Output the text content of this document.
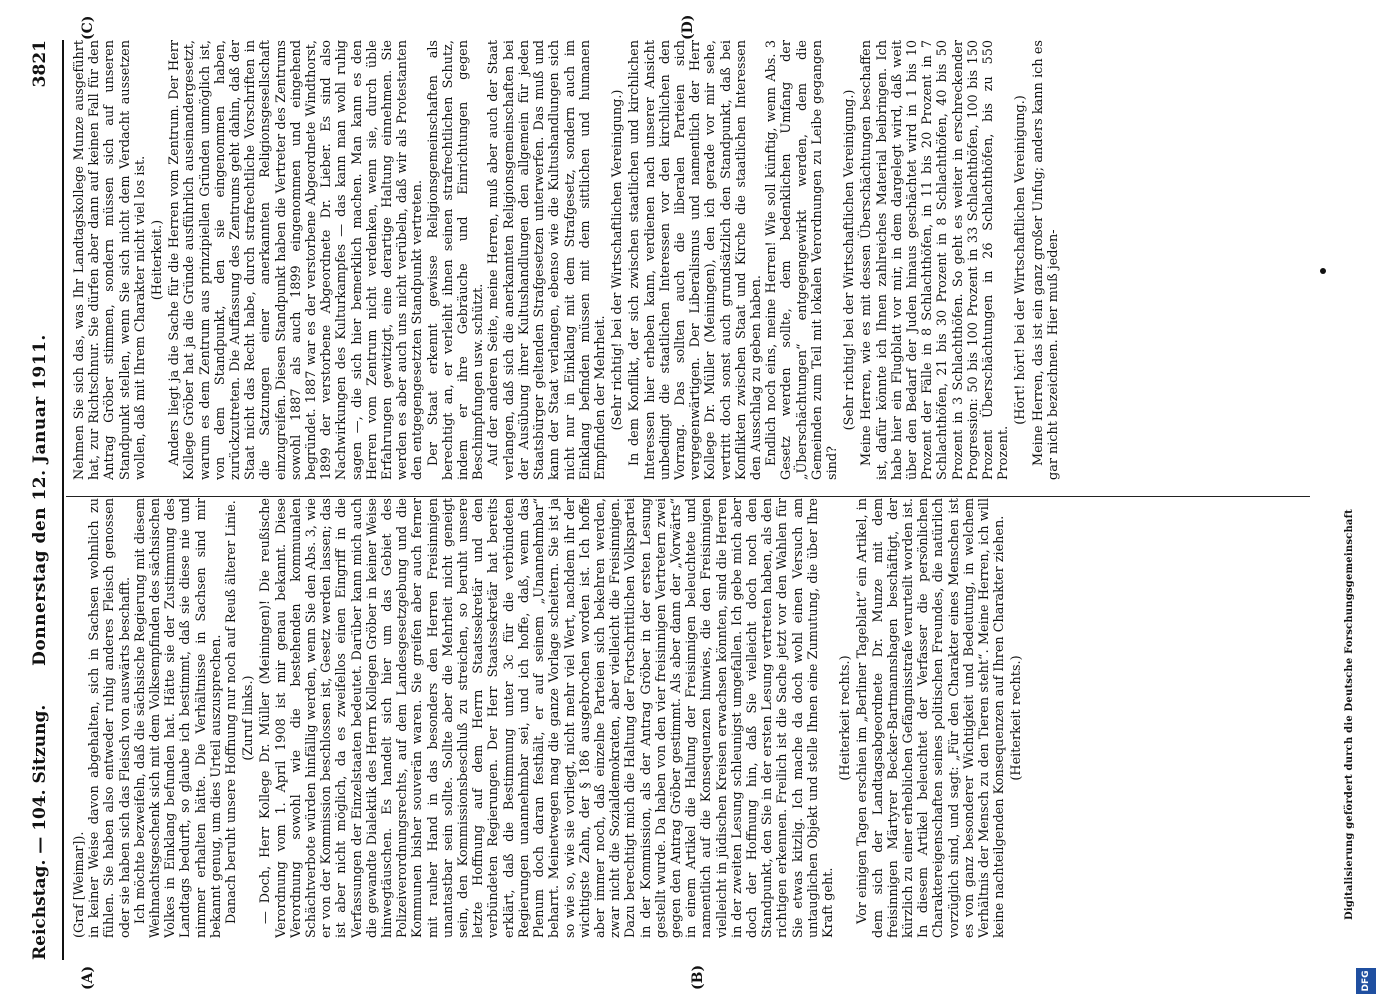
Reichstag. — 104. Sitzung.
Donnerstag den 12. Januar 1911.
3821
(A)	(B)
(C)	(D)

(Graf [Weimar]). in keiner Weise davon abgehalten, sich in Sachsen wohnlich zu fühlen. Sie haben also entweder ruhig anderes Fleisch genossen oder sie haben sich das Fleisch von auswärts beschafft. Ich möchte bezweifeln, daß die sächsische Regierung mit diesem Weihnachtsgeschenk sich mit dem Volksempfinden des sächsischen Volkes in Einklang befunden hat. Hätte sie der Zustimmung des Landtags bedurft, so glaube ich bestimmt, daß sie diese nie und nimmer erhalten hätte. Die Verhältnisse in Sachsen sind mir bekannt genug, um dies Urteil auszusprechen. Danach beruht unsere Hoffnung nur noch auf Reuß älterer Linie. (Zuruf links.) — Doch, Herr Kollege Dr. Müller (Meiningen)! Die reußische Verordnung vom 1. April 1908 ist mir genau bekannt. Diese Verordnung sowohl wie die bestehenden kommunalen Schächtverbote würden hinfällig werden, wenn Sie den Abs. 3, wie er von der Kommission beschlossen ist, Gesetz werden lassen; das ist aber nicht möglich, da es zweifellos einen Eingriff in die Verfassungen der Einzelstaaten bedeutet. Darüber kann mich auch die gewandte Dialektik des Herrn Kollegen Gröber in keiner Weise hinwegtäuschen. Es handelt sich hier um das Gebiet des Polizeiverordnungsrechts, auf dem Landesgesetzgebung und die Kommunen bisher souverän waren. Sie greifen aber auch ferner mit rauher Hand in das besonders den Herren Freisinnigen unantastbar sein sollte. Sollte aber die Mehrheit nicht geneigt sein, den Kommissionsbeschluß zu streichen, so beruht unsere letzte Hoffnung auf dem Herrn Staatssekretär und den verbündeten Regierungen. Der Herr Staatssekretär hat bereits erklärt, daß die Bestimmung unter 3c für die verbündeten Regierungen unannehmbar sei, und ich hoffe, daß, wenn das Plenum doch daran festhält, er auf seinem „Unannehmbar“ beharrt. Meinetwegen mag die ganze Vorlage scheitern. Sie ist ja so wie so, wie sie vorliegt, nicht mehr viel Wert, nachdem ihr der wichtigste Zahn, der § 186 ausgebrochen worden ist. Ich hoffe aber immer noch, daß einzelne Parteien sich bekehren werden, zwar nicht die Sozialdemokraten, aber vielleicht die Freisinnigen. Dazu berechtigt mich die Haltung der Fortschrittlichen Volkspartei in der Kommission, als der Antrag Gröber in der ersten Lesung gestellt wurde. Da haben von den vier freisinnigen Vertretern zwei gegen den Antrag Gröber gestimmt. Als aber dann der „Vorwärts“ in einem Artikel die Haltung der Freisinnigen beleuchtete und namentlich auf die Konsequenzen hinwies, die den Freisinnigen vielleicht in jüdischen Kreisen erwachsen könnten, sind die Herren in der zweiten Lesung schleunigst umgefallen. Ich gebe mich aber doch der Hoffnung hin, daß Sie vielleicht doch noch den Standpunkt, den Sie in der ersten Lesung vertreten haben, als den richtigen erkennen. Freilich ist die Sache jetzt vor den Wahlen für Sie etwas kitzlig. Ich mache da doch wohl einen Versuch am untauglichen Objekt und stelle Ihnen eine Zumutung, die über Ihre Kraft geht.

(Heiterkeit rechts.) Vor einigen Tagen erschien im „Berliner Tageblatt“ ein Artikel, in dem sich der Landtagsabgeordnete Dr. Munze mit dem freisinnigen Märtyrer Becker-Bartmannshagen beschäftigt, der kürzlich zu einer erheblichen Gefängnisstrafe verurteilt worden ist. In diesem Artikel beleuchtet der Verfasser die persönlichen Charaktereigenschaften seines politischen Freundes, die natürlich vorzüglich sind, und sagt: „Für den Charakter eines Menschen ist es von ganz besonderer Wichtigkeit und Bedeutung, in welchem Verhältnis der Mensch zu den Tieren steht“. Meine Herren, ich will keine nachteilgenden Konsequenzen auf Ihren Charakter ziehen. (Heiterkeit rechts.)

Nehmen Sie sich das, was Ihr Landtagskollege Munze ausgeführt hat, zur Richtschnur. Sie dürfen aber dann auf keinen Fall für den Antrag Gröber stimmen, sondern müssen sich auf unseren Standpunkt stellen, wenn Sie sich nicht dem Verdacht aussetzen wollen, daß mit Ihrem Charakter nicht viel los ist. (Heiterkeit.) Anders liegt ja die Sache für die Herren vom Zentrum. Der Herr Kollege Gröber hat ja die Gründe ausführlich auseinandergesetzt, warum es dem Zentrum aus prinzipiellen Gründen unmöglich ist, von dem Standpunkt, den sie eingenommen haben, zurückzutreten. Die Auffassung des Zentrums geht dahin, daß der Staat nicht das Recht habe, durch strafrechtliche Vorschriften in die Satzungen einer anerkannten Religionsgesellschaft einzugreifen. Diesen Standpunkt haben die Vertreter des Zentrums sowohl 1887 als auch 1899 eingenommen und eingehend begründet. 1887 war es der verstorbene Abgeordnete Windthorst, 1899 der verstorbene Abgeordnete Dr. Lieber. Es sind also Nachwirkungen des Kulturkampfes — das kann man wohl ruhig sagen —, die sich hier bemerklich machen. Man kann es den Herren vom Zentrum nicht verdenken, wenn sie, durch üble Erfahrungen gewitzigt, eine derartige Haltung einnehmen. Sie werden es aber auch uns nicht verübeln, daß wir als Protestanten den entgegengesetzten Standpunkt vertreten. Der Staat erkennt gewisse Religionsgemeinschaften als berechtigt an, er verleiht ihnen seinen strafrechtlichen Schutz, indem er ihre Gebräuche und Einrichtungen gegen Beschimpfungen usw. schützt. Auf der anderen Seite, meine Herren, muß aber auch der Staat verlangen, daß sich die anerkannten Religionsgemeinschaften bei der Ausübung ihrer Kultushandlungen den allgemein für jeden Staatsbürger geltenden Strafgesetzen unterwerfen. Das muß und kann der Staat verlangen, ebenso wie die Kultushandlungen sich nicht nur in Einklang mit dem Strafgesetz, sondern auch im Einklang befinden müssen mit dem sittlichen und humanen Empfinden der Mehrheit. (Sehr richtig! bei der Wirtschaftlichen Vereinigung.) In dem Konflikt, der sich zwischen staatlichen und kirchlichen Interessen hier erheben kann, verdienen nach unserer Ansicht unbedingt die staatlichen Interessen vor den kirchlichen den Vorrang. Das sollten auch die liberalen Parteien sich vergegenwärtigen. Der Liberalismus und namentlich der Herr Kollege Dr. Müller (Meiningen), den ich gerade vor mir sehe, vertritt doch sonst auch grundsätzlich den Standpunkt, daß bei Konflikten zwischen Staat und Kirche die staatlichen Interessen den Ausschlag zu geben haben. Endlich noch eins, meine Herren! Wie soll künftig, wenn Abs. 3 Gesetz werden sollte, dem bedenklichen Umfang der „Überschächtungen“ entgegengewirkt werden, dem die Gemeinden zum Teil mit lokalen Verordnungen zu Leibe gegangen sind?

(Sehr richtig! bei der Wirtschaftlichen Vereinigung.) Meine Herren, wie es mit dessen Überschächtungen beschaffen ist, dafür könnte ich Ihnen zahlreiches Material beibringen. Ich habe hier ein Flugblatt vor mir, in dem dargelegt wird, daß weit über den Bedarf der Juden hinaus geschächtet wird in 1 bis 10 Prozent der Fälle in 8 Schlachthöfen, in 11 bis 20 Prozent in 7 Schlachthöfen, 21 bis 30 Prozent in 8 Schlachthöfen, 40 bis 50 Prozent in 3 Schlachthöfen. So geht es weiter in erschreckender Progression: 50 bis 100 Prozent in 33 Schlachthöfen, 100 bis 150 Prozent Überschächtungen in 26 Schlachthöfen, bis zu 550 Prozent.

(Hört! hört! bei der Wirtschaftlichen Vereinigung.) Meine Herren, das ist ein ganz großer Unfug; anders kann ich es gar nicht bezeichnen. Hier muß jeden-

Digitalisierung gefördert durch die Deutsche Forschungsgemeinschaft
DFG
